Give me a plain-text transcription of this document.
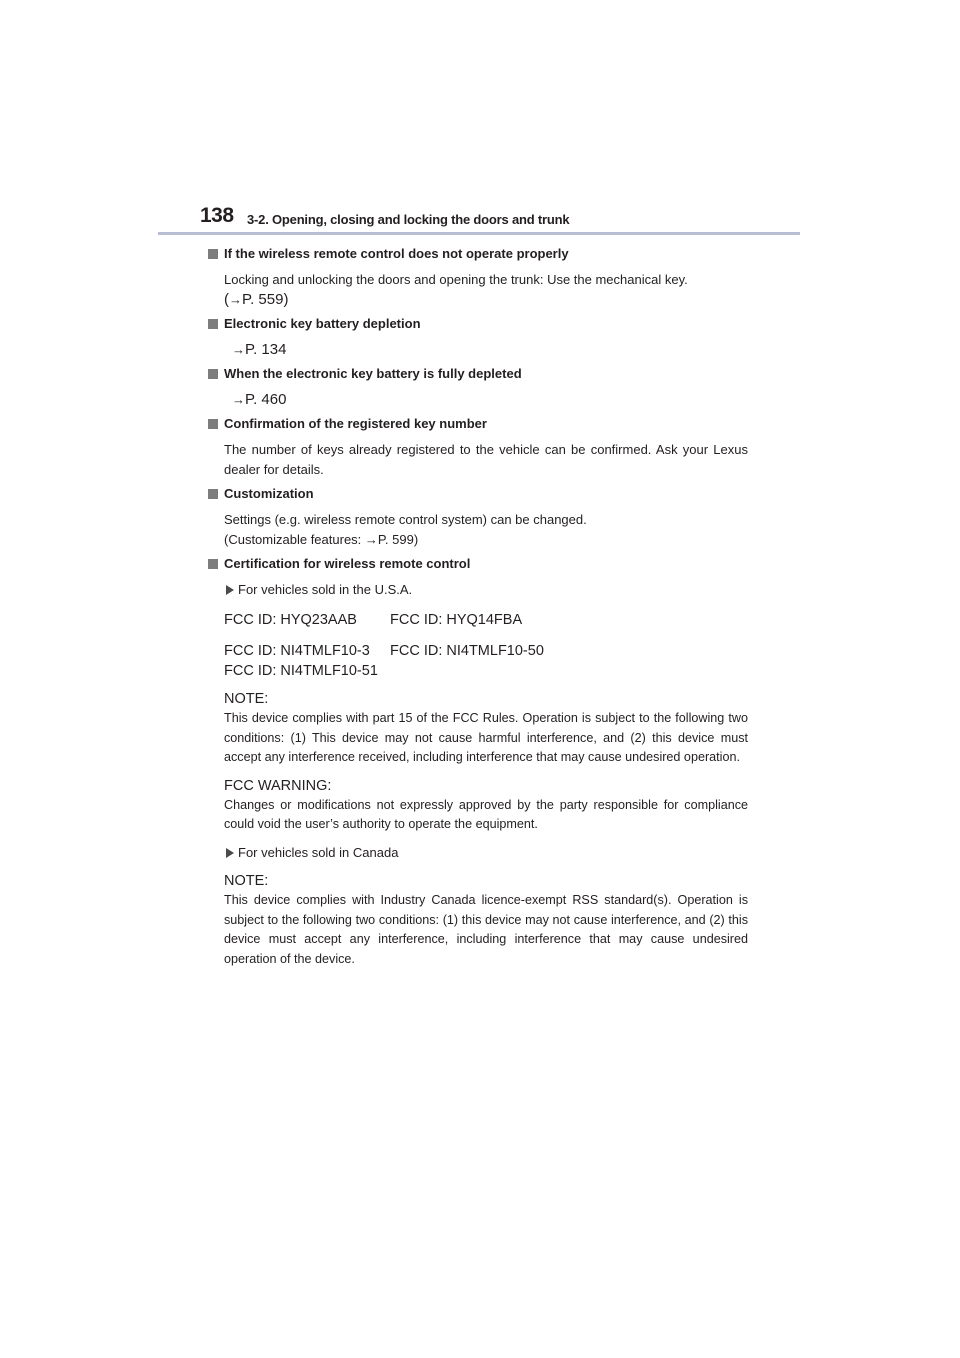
138 3-2. Opening, closing and locking the doors and trunk
If the wireless remote control does not operate properly
Locking and unlocking the doors and opening the trunk: Use the mechanical key.
(→P. 559)
Electronic key battery depletion
→P. 134
When the electronic key battery is fully depleted
→P. 460
Confirmation of the registered key number
The number of keys already registered to the vehicle can be confirmed. Ask your Lexus dealer for details.
Customization
Settings (e.g. wireless remote control system) can be changed.
(Customizable features: →P. 599)
Certification for wireless remote control
For vehicles sold in the U.S.A.
FCC ID: HYQ23AAB FCC ID: HYQ14FBA
FCC ID: NI4TMLF10-3 FCC ID: NI4TMLF10-50
FCC ID: NI4TMLF10-51
NOTE:
This device complies with part 15 of the FCC Rules. Operation is subject to the following two conditions: (1) This device may not cause harmful interference, and (2) this device must accept any interference received, including interference that may cause undesired operation.
FCC WARNING:
Changes or modifications not expressly approved by the party responsible for compliance could void the user’s authority to operate the equipment.
For vehicles sold in Canada
NOTE:
This device complies with Industry Canada licence-exempt RSS standard(s). Operation is subject to the following two conditions: (1) this device may not cause interference, and (2) this device must accept any interference, including interference that may cause undesired operation of the device.
